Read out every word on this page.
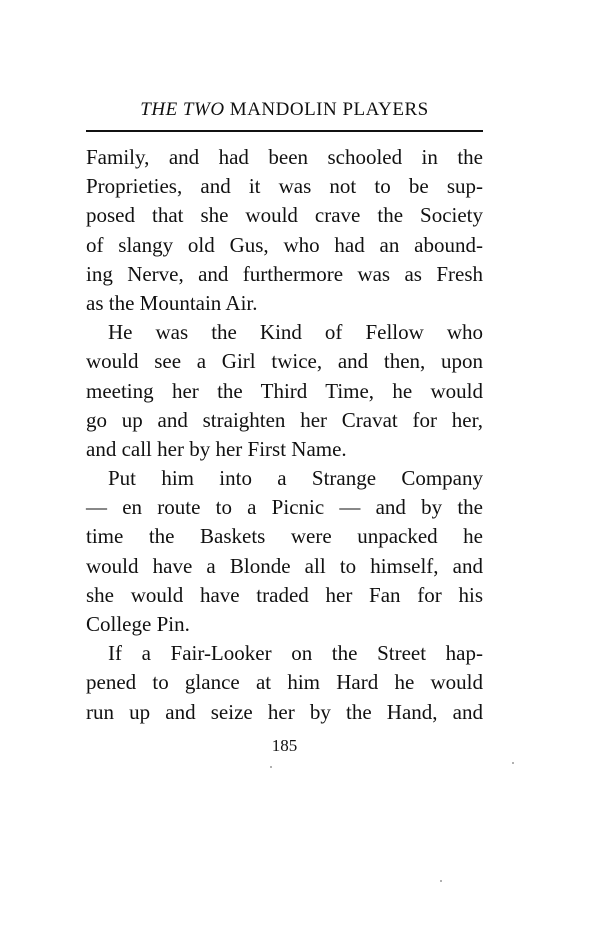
THE TWO MANDOLIN PLAYERS
Family, and had been schooled in the
Proprieties, and it was not to be sup-
posed that she would crave the Society
of slangy old Gus, who had an abound-
ing Nerve, and furthermore was as Fresh
as the Mountain Air.
He was the Kind of Fellow who
would see a Girl twice, and then, upon
meeting her the Third Time, he would
go up and straighten her Cravat for her,
and call her by her First Name.
Put him into a Strange Company
— en route to a Picnic — and by the
time the Baskets were unpacked he
would have a Blonde all to himself, and
she would have traded her Fan for his
College Pin.
If a Fair-Looker on the Street hap-
pened to glance at him Hard he would
run up and seize her by the Hand, and
185
